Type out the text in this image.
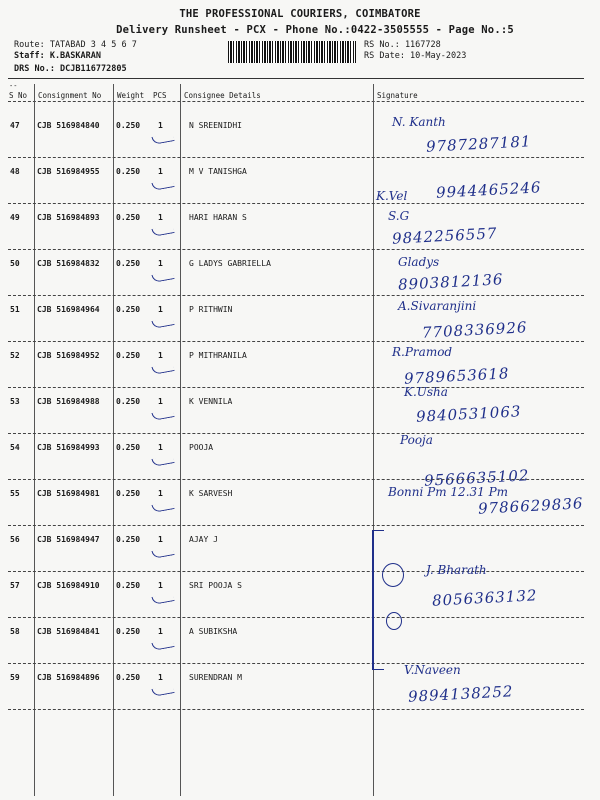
THE PROFESSIONAL COURIERS, COIMBATORE
Delivery Runsheet - PCX - Phone No.:0422-3505555 - Page No.:5
Route: TATABAD 3 4 5 6 7
Staff: K.BASKARAN
DRS No.: DCJB116772805
RS No.: 1167728
RS Date: 10-May-2023
--
S No Consignment No Weight PCS Consignee Details	Signature
47 CJB 516984840 0.250 1	N SREENIDHI	N. Kanth
9787287181
48 CJB 516984955 0.250 1	M V TANISHGA
K.Vel 9944465246
49 CJB 516984893 0.250 1	HARI HARAN S	S.G
9842256557
50 CJB 516984832 0.250 1	G LADYS GABRIELLA	Gladys
8903812136
51 CJB 516984964 0.250 1	P RITHWIN	A.Sivaranjini
7708336926
52 CJB 516984952 0.250 1	P MITHRANILA	R.Pramod
9789653618
53 CJB 516984988 0.250 1	K VENNILA
K.Usha
9840531063
54 CJB 516984993 0.250 1	POOJA
Pooja
9566635102
55 CJB 516984981 0.250 1	K SARVESH	Bonni Pm 12.31 Pm
9786629836
56 CJB 516984947 0.250 1	AJAY J
57 CJB 516984910 0.250 1	SRI POOJA S
J. Bharath
8056363132
58 CJB 516984841 0.250 1	A SUBIKSHA
59 CJB 516984896 0.250 1	SURENDRAN M
V.Naveen
9894138252
